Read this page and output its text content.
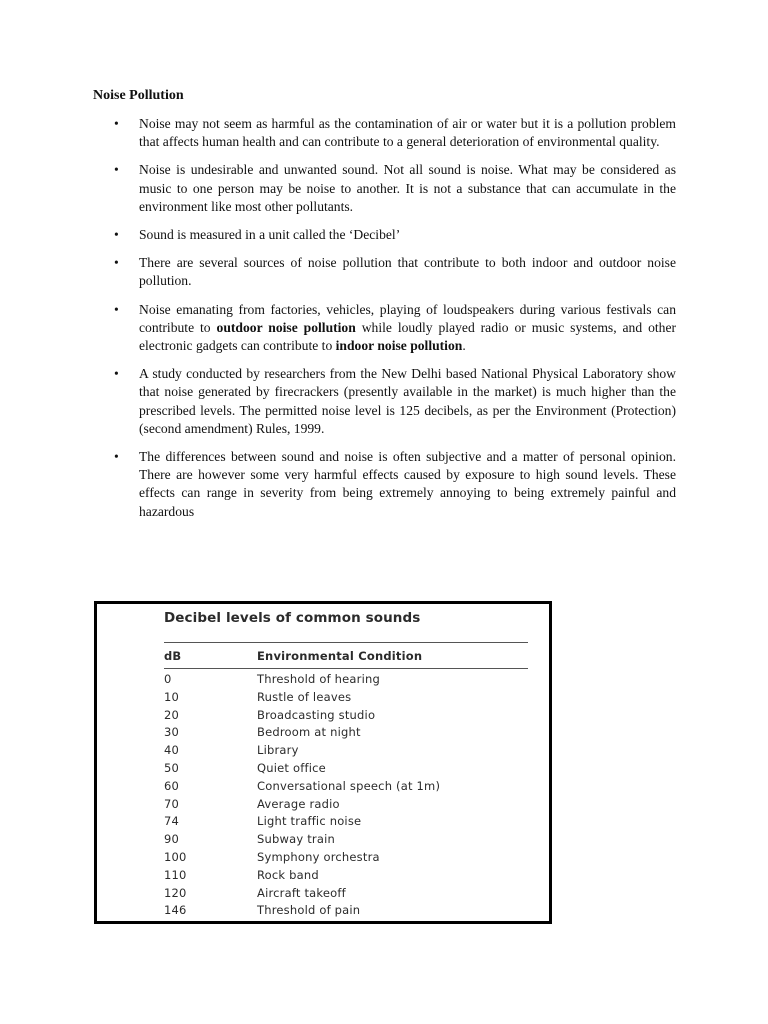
Noise Pollution
• Noise may not seem as harmful as the contamination of air or water but it is a pollution problem that affects human health and can contribute to a general deterioration of environmental quality.
• Noise is undesirable and unwanted sound. Not all sound is noise. What may be considered as music to one person may be noise to another. It is not a substance that can accumulate in the environment like most other pollutants.
• Sound is measured in a unit called the ‘Decibel’
• There are several sources of noise pollution that contribute to both indoor and outdoor noise pollution.
• Noise emanating from factories, vehicles, playing of loudspeakers during various festivals can contribute to outdoor noise pollution while loudly played radio or music systems, and other electronic gadgets can contribute to indoor noise pollution.
• A study conducted by researchers from the New Delhi based National Physical Laboratory show that noise generated by firecrackers (presently available in the market) is much higher than the prescribed levels. The permitted noise level is 125 decibels, as per the Environment (Protection) (second amendment) Rules, 1999.
• The differences between sound and noise is often subjective and a matter of personal opinion. There are however some very harmful effects caused by exposure to high sound levels. These effects can range in severity from being extremely annoying to being extremely painful and hazardous
Decibel levels of common sounds
dB	Environmental Condition
0	Threshold of hearing
10	Rustle of leaves
20	Broadcasting studio
30	Bedroom at night
40	Library
50	Quiet office
60	Conversational speech (at 1m)
70	Average radio
74	Light traffic noise
90	Subway train
100	Symphony orchestra
110	Rock band
120	Aircraft takeoff
146	Threshold of pain
